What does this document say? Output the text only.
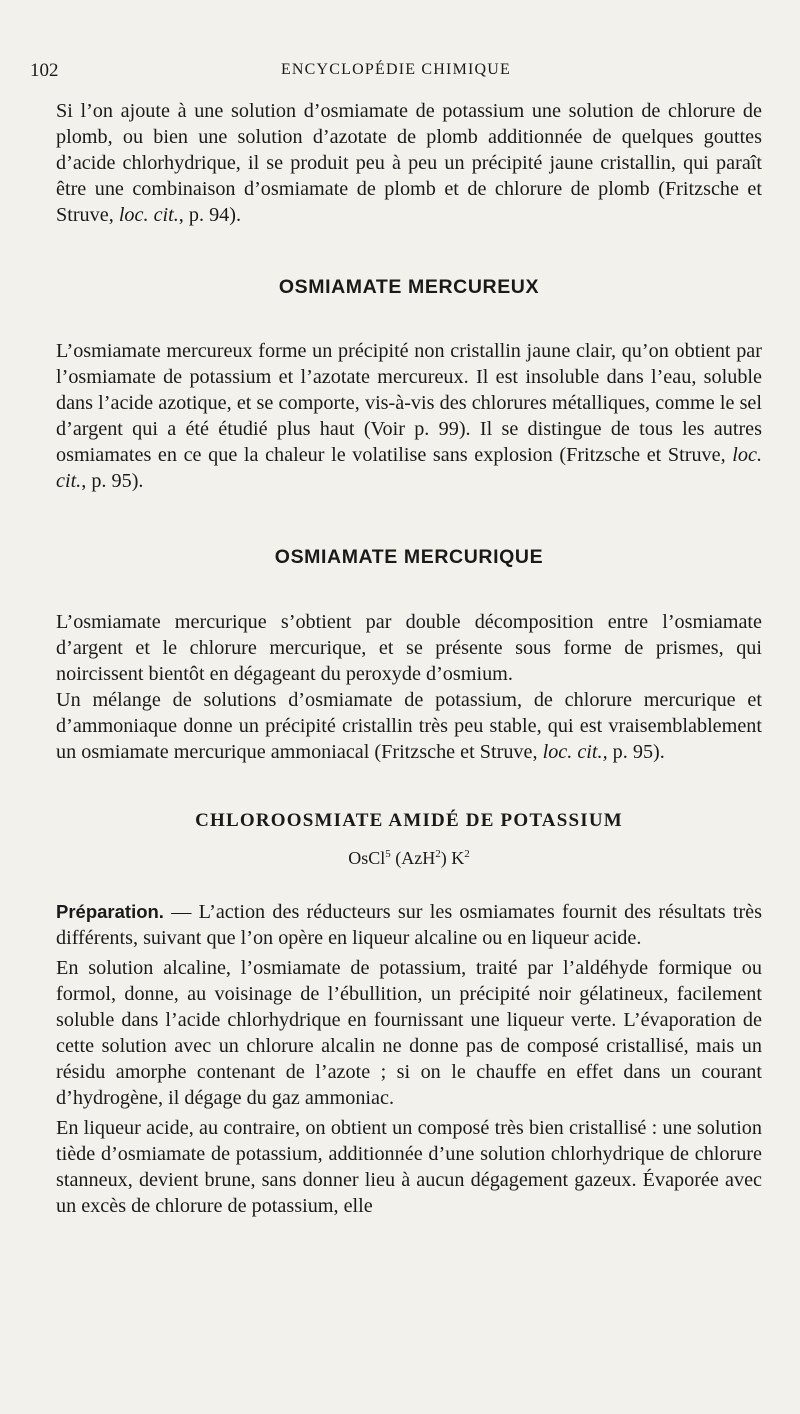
102	ENCYCLOPÉDIE CHIMIQUE

Si l’on ajoute à une solution d’osmiamate de potassium une solution de chlorure de plomb, ou bien une solution d’azotate de plomb additionnée de quelques gouttes d’acide chlorhydrique, il se produit peu à peu un précipité jaune cristallin, qui paraît être une combinaison d’osmiamate de plomb et de chlorure de plomb (Fritzsche et Struve, loc. cit., p. 94).

OSMIAMATE MERCUREUX

L’osmiamate mercureux forme un précipité non cristallin jaune clair, qu’on obtient par l’osmiamate de potassium et l’azotate mercureux. Il est insoluble dans l’eau, soluble dans l’acide azotique, et se comporte, vis-à-vis des chlorures métalliques, comme le sel d’argent qui a été étudié plus haut (Voir p. 99). Il se distingue de tous les autres osmiamates en ce que la chaleur le volatilise sans explosion (Fritzsche et Struve, loc. cit., p. 95).

OSMIAMATE MERCURIQUE

L’osmiamate mercurique s’obtient par double décomposition entre l’osmiamate d’argent et le chlorure mercurique, et se présente sous forme de prismes, qui noircissent bientôt en dégageant du peroxyde d’osmium.

Un mélange de solutions d’osmiamate de potassium, de chlorure mercurique et d’ammoniaque donne un précipité cristallin très peu stable, qui est vraisemblablement un osmiamate mercurique ammoniacal (Fritzsche et Struve, loc. cit., p. 95).

CHLOROOSMIATE AMIDÉ DE POTASSIUM
OsCl$^5$ (AzH$^2$) $K^2$

Préparation. — L’action des réducteurs sur les osmiamates fournit des résultats très différents, suivant que l’on opère en liqueur alcaline ou en liqueur acide.

En solution alcaline, l’osmiamate de potassium, traité par l’aldéhyde formique ou formol, donne, au voisinage de l’ébullition, un précipité noir gélatineux, facilement soluble dans l’acide chlorhydrique en fournissant une liqueur verte. L’évaporation de cette solution avec un chlorure alcalin ne donne pas de composé cristallisé, mais un résidu amorphe contenant de l’azote ; si on le chauffe en effet dans un courant d’hydrogène, il dégage du gaz ammoniac.

En liqueur acide, au contraire, on obtient un composé très bien cristallisé : une solution tiède d’osmiamate de potassium, additionnée d’une solution chlorhydrique de chlorure stanneux, devient brune, sans donner lieu à aucun dégagement gazeux. Évaporée avec un excès de chlorure de potassium, elle
